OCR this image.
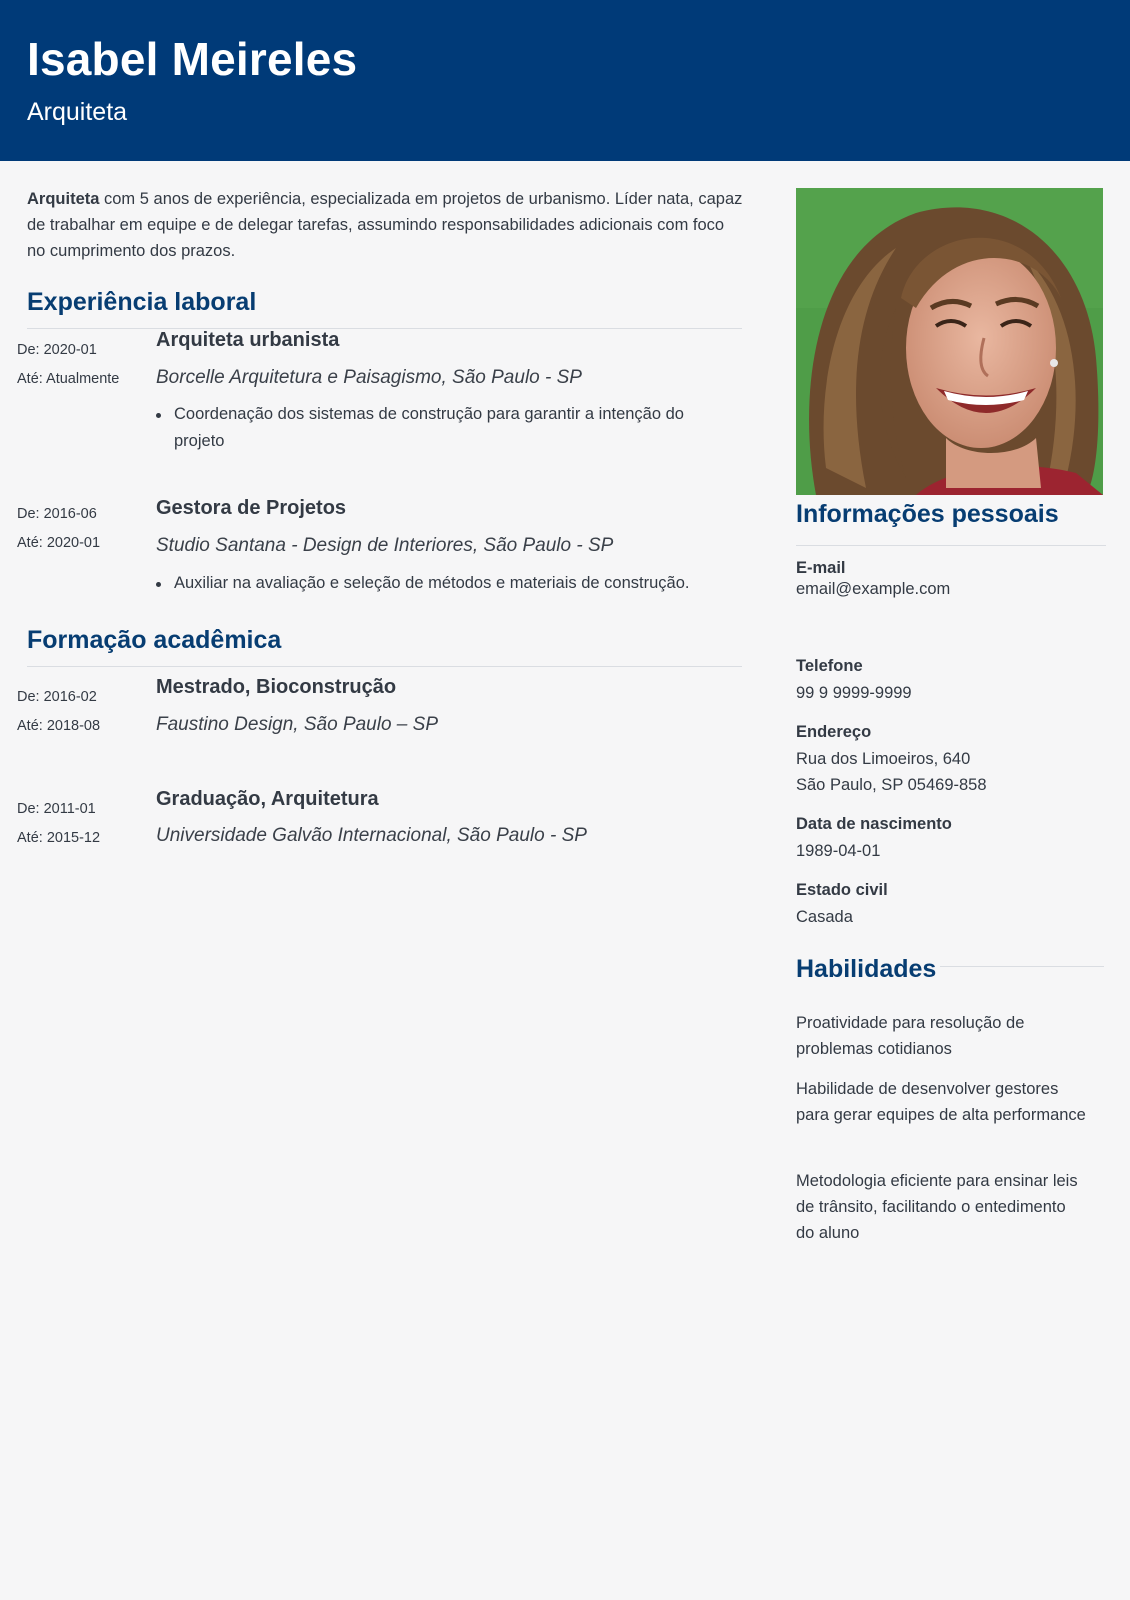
Isabel Meireles
Arquiteta
Arquiteta com 5 anos de experiência, especializada em projetos de urbanismo. Líder nata, capaz de trabalhar em equipe e de delegar tarefas, assumindo responsabilidades adicionais com foco no cumprimento dos prazos.
Experiência laboral
De: 2020-01
Até: Atualmente
Arquiteta urbanista
Borcelle Arquitetura e Paisagismo, São Paulo - SP
Coordenação dos sistemas de construção para garantir a intenção do projeto
De: 2016-06
Até: 2020-01
Gestora de Projetos
Studio Santana - Design de Interiores, São Paulo - SP
Auxiliar na avaliação e seleção de métodos e materiais de construção.
Formação acadêmica
De: 2016-02
Até: 2018-08
Mestrado, Bioconstrução
Faustino Design, São Paulo – SP
De: 2011-01
Até: 2015-12
Graduação, Arquitetura
Universidade Galvão Internacional, São Paulo - SP
Informações pessoais
E-mail
email@example.com
Telefone
99 9 9999-9999
Endereço
Rua dos Limoeiros, 640
São Paulo, SP 05469-858
Data de nascimento
1989-04-01
Estado civil
Casada
Habilidades
Proatividade para resolução de problemas cotidianos
Habilidade de desenvolver gestores para gerar equipes de alta performance
Metodologia eficiente para ensinar leis de trânsito, facilitando o entedimento do aluno
